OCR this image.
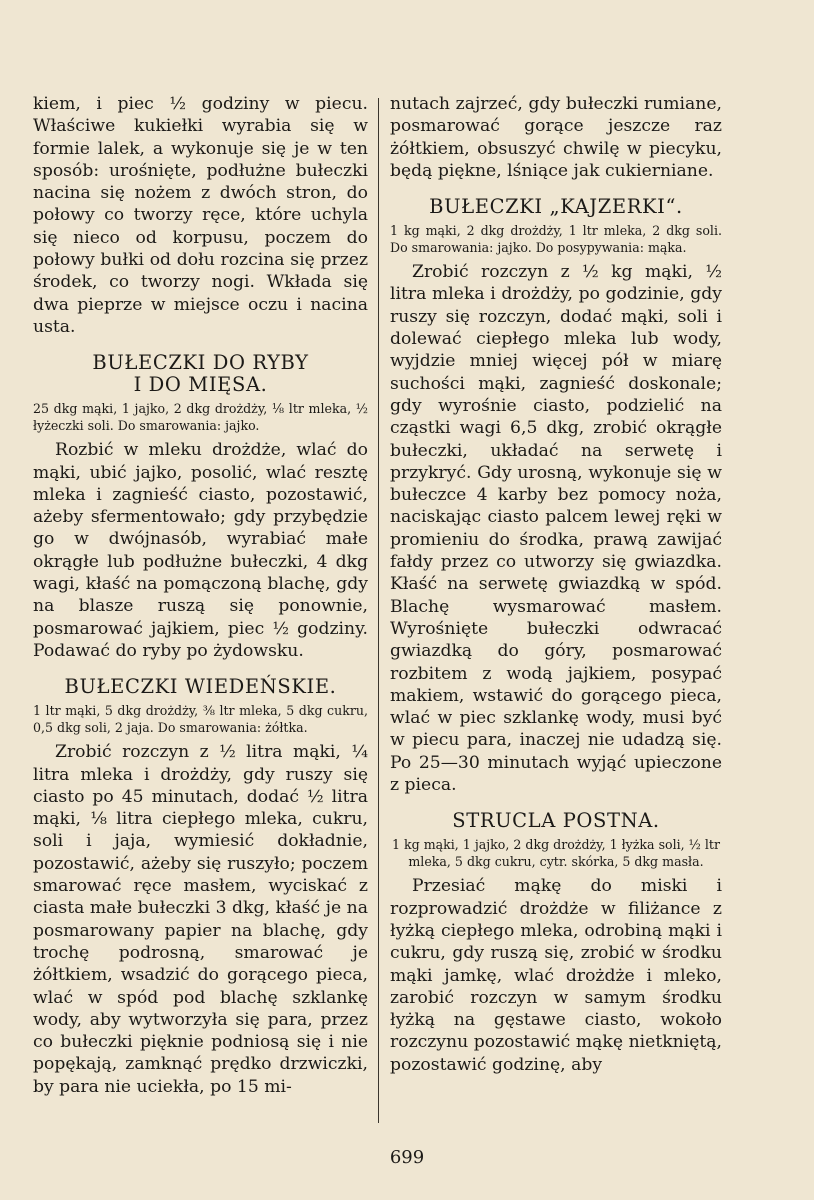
kiem, i piec ½ godziny w piecu. Właściwe kukiełki wyrabia się w formie lalek, a wykonuje się je w ten sposób: urośnięte, podłużne bułeczki nacina się nożem z dwóch stron, do połowy co tworzy ręce, które uchyla się nieco od korpusu, poczem do połowy bułki od dołu rozcina się przez środek, co tworzy nogi. Wkłada się dwa pieprze w miejsce oczu i nacina usta.

BUŁECZKI DO RYBY
I DO MIĘSA.

25 dkg mąki, 1 jajko, 2 dkg drożdży, ⅛ ltr mleka, ½ łyżeczki soli. Do smarowania: jajko.

Rozbić w mleku drożdże, wlać do mąki, ubić jajko, posolić, wlać resztę mleka i zagnieść ciasto, pozostawić, ażeby sfermentowało; gdy przybędzie go w dwójnasób, wyrabiać małe okrągłe lub podłużne bułeczki, 4 dkg wagi, kłaść na pomączoną blachę, gdy na blasze ruszą się ponownie, posmarować jajkiem, piec ½ godziny. Podawać do ryby po żydowsku.

BUŁECZKI WIEDEŃSKIE.

1 ltr mąki, 5 dkg drożdży, ⅜ ltr mleka, 5 dkg cukru, 0,5 dkg soli, 2 jaja. Do smarowania: żółtka.

Zrobić rozczyn z ½ litra mąki, ¼ litra mleka i drożdży, gdy ruszy się ciasto po 45 minutach, dodać ½ litra mąki, ⅛ litra ciepłego mleka, cukru, soli i jaja, wymiesić dokładnie, pozostawić, ażeby się ruszyło; poczem smarować ręce masłem, wyciskać z ciasta małe bułeczki 3 dkg, kłaść je na posmarowany papier na blachę, gdy trochę podrosną, smarować je żółtkiem, wsadzić do gorącego pieca, wlać w spód pod blachę szklankę wody, aby wytworzyła się para, przez co bułeczki pięknie podniosą się i nie popękają, zamknąć prędko drzwiczki, by para nie uciekła, po 15 mi-

nutach zajrzeć, gdy bułeczki rumiane, posmarować gorące jeszcze raz żółtkiem, obsuszyć chwilę w piecyku, będą piękne, lśniące jak cukierniane.

BUŁECZKI „KAJZERKI“.

1 kg mąki, 2 dkg drożdży, 1 ltr mleka, 2 dkg soli. Do smarowania: jajko. Do posypywania: mąka.

Zrobić rozczyn z ½ kg mąki, ½ litra mleka i drożdży, po godzinie, gdy ruszy się rozczyn, dodać mąki, soli i dolewać ciepłego mleka lub wody, wyjdzie mniej więcej pół w miarę suchości mąki, zagnieść doskonale; gdy wyrośnie ciasto, podzielić na cząstki wagi 6,5 dkg, zrobić okrągłe bułeczki, układać na serwetę i przykryć. Gdy urosną, wykonuje się w bułeczce 4 karby bez pomocy noża, naciskając ciasto palcem lewej ręki w promieniu do środka, prawą zawijać fałdy przez co utworzy się gwiazdka. Kłaść na serwetę gwiazdką w spód. Blachę wysmarować masłem. Wyrośnięte bułeczki odwracać gwiazdką do góry, posmarować rozbitem z wodą jajkiem, posypać makiem, wstawić do gorącego pieca, wlać w piec szklankę wody, musi być w piecu para, inaczej nie udadzą się. Po 25—30 minutach wyjąć upieczone z pieca.

STRUCLA POSTNA.

1 kg mąki, 1 jajko, 2 dkg drożdży, 1 łyżka soli, ½ ltr mleka, 5 dkg cukru, cytr. skórka, 5 dkg masła.

Przesiać mąkę do miski i rozprowadzić drożdże w filiżance z łyżką ciepłego mleka, odrobiną mąki i cukru, gdy ruszą się, zrobić w środku mąki jamkę, wlać drożdże i mleko, zarobić rozczyn w samym środku łyżką na gęstawe ciasto, wokoło rozczynu pozostawić mąkę nietkniętą, pozostawić godzinę, aby

699
